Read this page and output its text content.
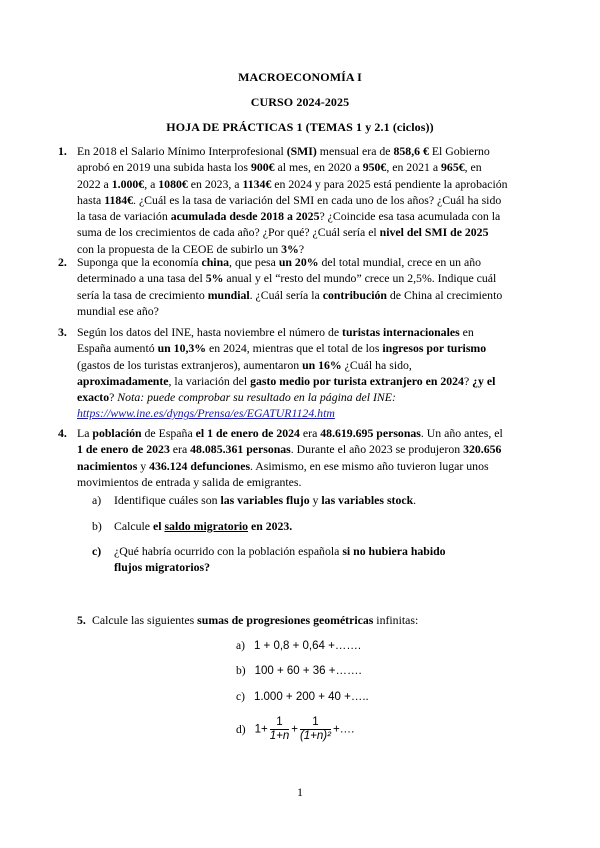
MACROECONOMÍA I
CURSO 2024-2025
HOJA DE PRÁCTICAS 1 (TEMAS 1 y 2.1 (ciclos))
1. En 2018 el Salario Mínimo Interprofesional (SMI) mensual era de 858,6 € El Gobierno aprobó en 2019 una subida hasta los 900€ al mes, en 2020 a 950€, en 2021 a 965€, en 2022 a 1.000€, a 1080€ en 2023, a 1134€ en 2024 y para 2025 está pendiente la aprobación hasta 1184€. ¿Cuál es la tasa de variación del SMI en cada uno de los años? ¿Cuál ha sido la tasa de variación acumulada desde 2018 a 2025? ¿Coincide esa tasa acumulada con la suma de los crecimientos de cada año? ¿Por qué? ¿Cuál sería el nivel del SMI de 2025 con la propuesta de la CEOE de subirlo un 3%?
2. Suponga que la economía china, que pesa un 20% del total mundial, crece en un año determinado a una tasa del 5% anual y el “resto del mundo” crece un 2,5%. Indique cuál sería la tasa de crecimiento mundial. ¿Cuál sería la contribución de China al crecimiento mundial ese año?
3. Según los datos del INE, hasta noviembre el número de turistas internacionales en España aumentó un 10,3% en 2024, mientras que el total de los ingresos por turismo (gastos de los turistas extranjeros), aumentaron un 16% ¿Cuál ha sido, aproximadamente, la variación del gasto medio por turista extranjero en 2024? ¿y el exacto? Nota: puede comprobar su resultado en la página del INE: https://www.ine.es/dyngs/Prensa/es/EGATUR1124.htm
4. La población de España el 1 de enero de 2024 era 48.619.695 personas. Un año antes, el 1 de enero de 2023 era 48.085.361 personas. Durante el año 2023 se produjeron 320.656 nacimientos y 436.124 defunciones. Asimismo, en ese mismo año tuvieron lugar unos movimientos de entrada y salida de emigrantes.
a) Identifique cuáles son las variables flujo y las variables stock.
b) Calcule el saldo migratorio en 2023.
c) ¿Qué habría ocurrido con la población española si no hubiera habido flujos migratorios?
5. Calcule las siguientes sumas de progresiones geométricas infinitas:
a) 1 + 0,8 + 0,64 +…….
b) 100 + 60 + 36 +…….
c) 1.000 + 200 + 40 +…..
d) $1+ \frac{1}{1+n} + \frac{1}{\text{(1+n)²}}$ +….
1
